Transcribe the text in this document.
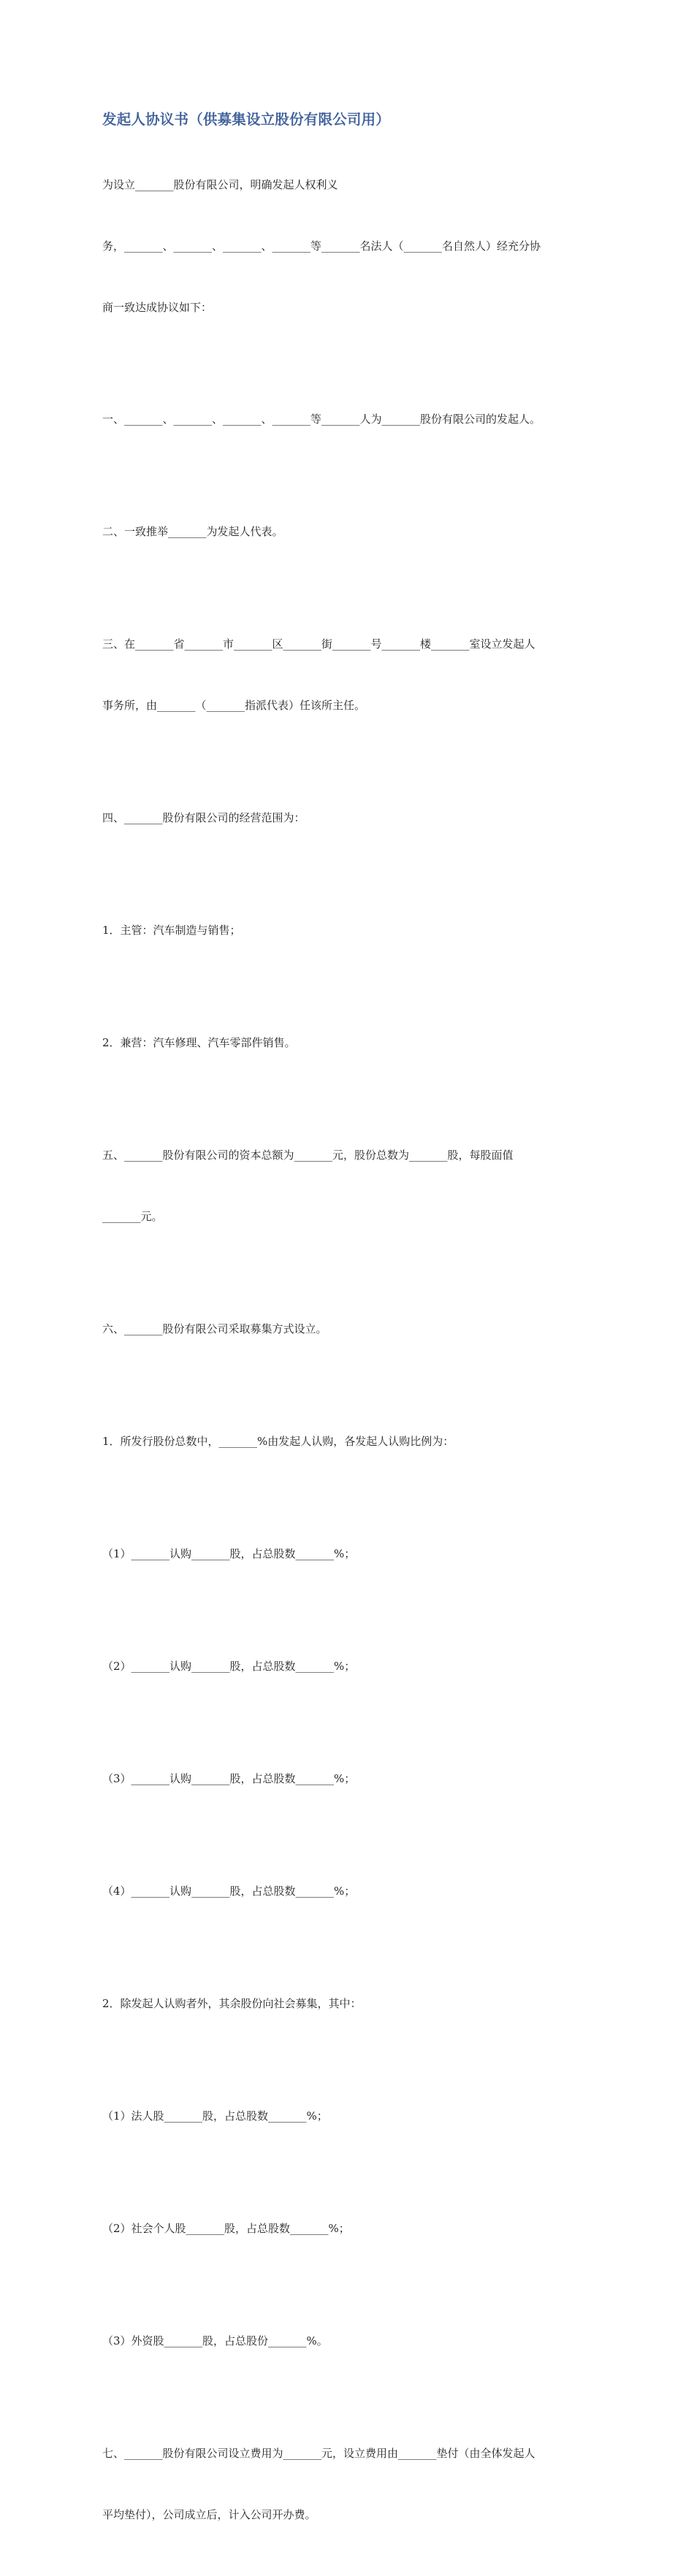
发起人协议书（供募集设立股份有限公司用）

为设立_______股份有限公司，明确发起人权利义

务，_______、_______、_______、_______等_______名法人（_______名自然人）经充分协

商一致达成协议如下：

一、_______、_______、_______、_______等_______人为_______股份有限公司的发起人。

二、一致推举_______为发起人代表。

三、在_______省_______市_______区_______街_______号_______楼_______室设立发起人

事务所，由_______（_______指派代表）任该所主任。

四、_______股份有限公司的经营范围为：

1．主管：汽车制造与销售；

2．兼营：汽车修理、汽车零部件销售。

五、_______股份有限公司的资本总额为_______元，股份总数为_______股，每股面值

_______元。

六、_______股份有限公司采取募集方式设立。

1．所发行股份总数中，_______%由发起人认购，各发起人认购比例为：

（1）_______认购_______股，占总股数_______%；

（2）_______认购_______股，占总股数_______%；

（3）_______认购_______股，占总股数_______%；

（4）_______认购_______股，占总股数_______%；

2．除发起人认购者外，其余股份向社会募集，其中：

（1）法人股_______股，占总股数_______%；

（2）社会个人股_______股，占总股数_______%；

（3）外资股_______股，占总股份_______%。

七、_______股份有限公司设立费用为_______元，设立费用由_______垫付（由全体发起人

平均垫付），公司成立后，计入公司开办费。
